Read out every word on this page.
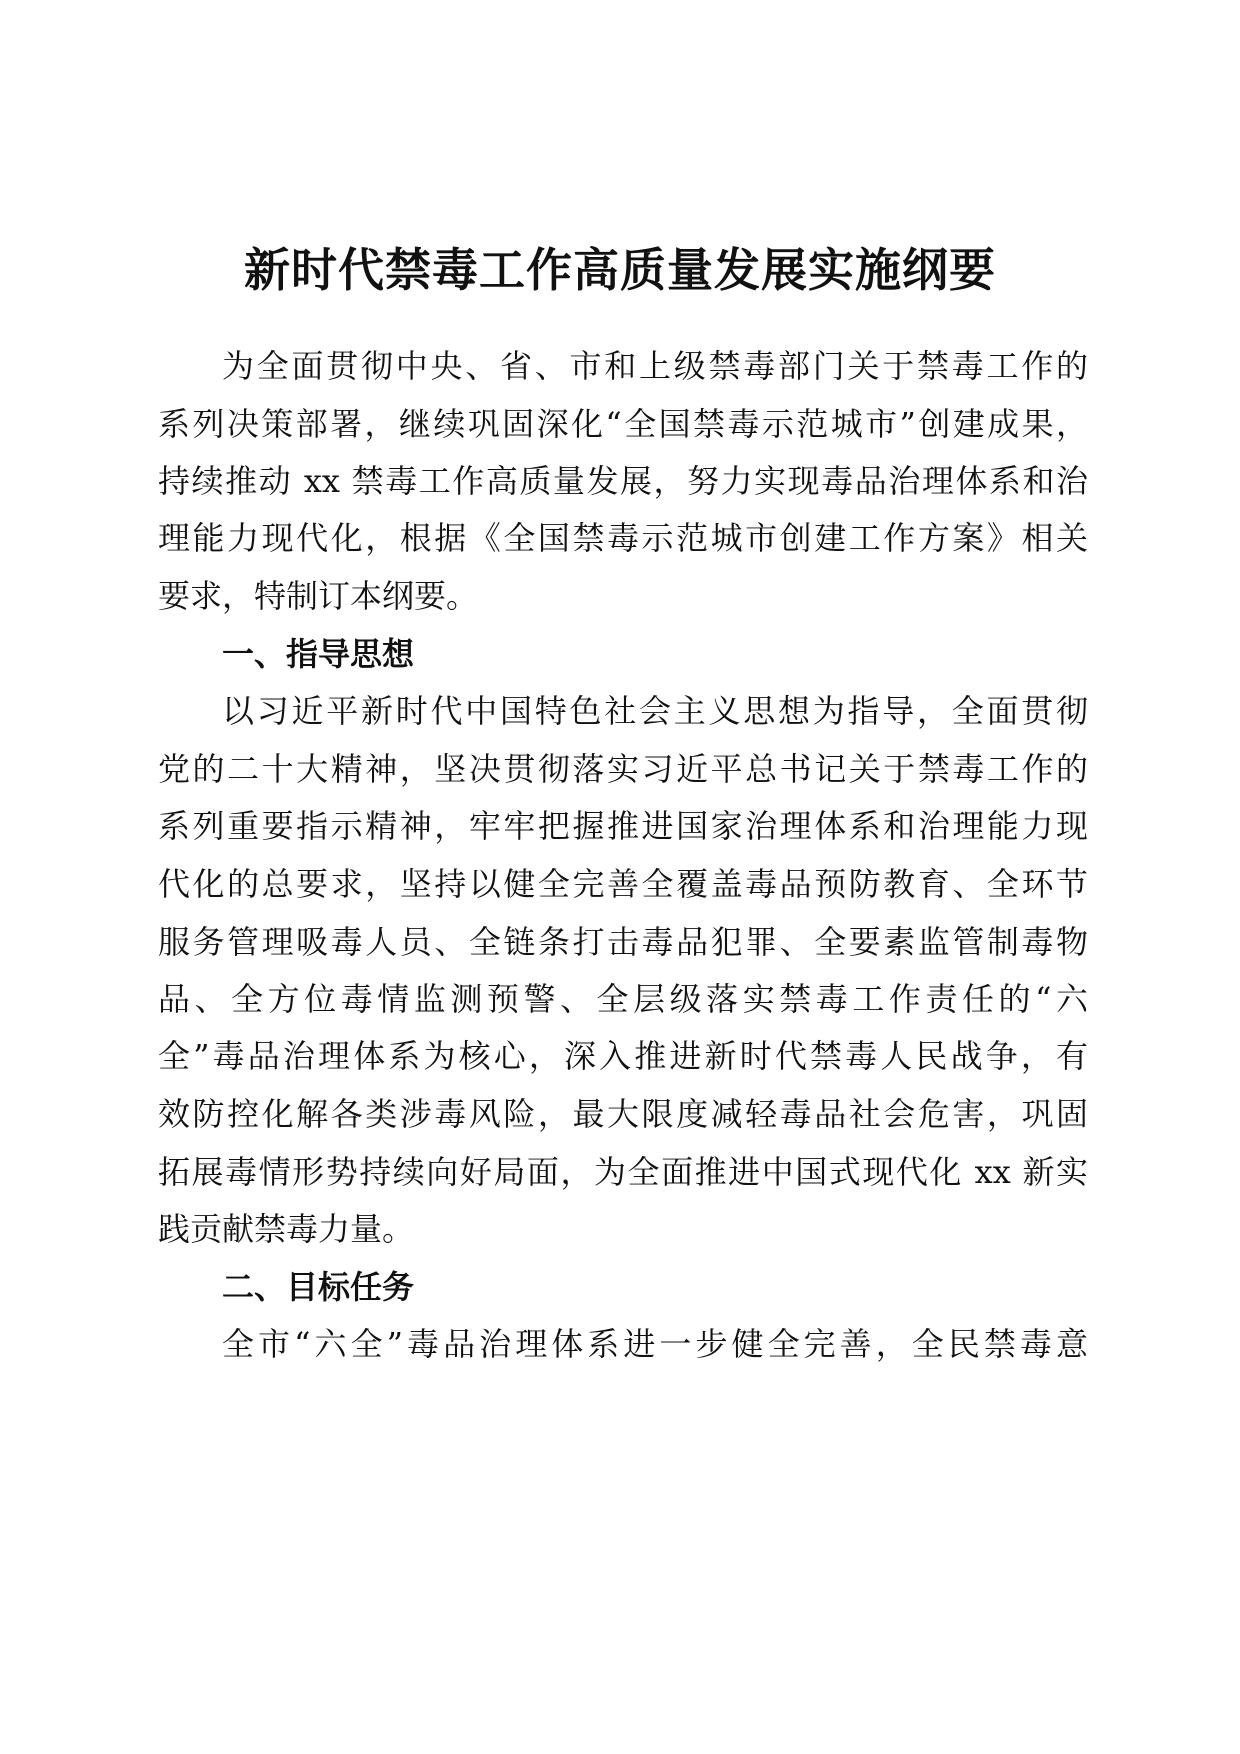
新时代禁毒工作高质量发展实施纲要
为全面贯彻中央、省、市和上级禁毒部门关于禁毒工作的
系列决策部署，继续巩固深化“全国禁毒示范城市”创建成果，
持续推动 xx 禁毒工作高质量发展，努力实现毒品治理体系和治
理能力现代化，根据《全国禁毒示范城市创建工作方案》相关
要求，特制订本纲要。
一、指导思想
以习近平新时代中国特色社会主义思想为指导，全面贯彻
党的二十大精神，坚决贯彻落实习近平总书记关于禁毒工作的
系列重要指示精神，牢牢把握推进国家治理体系和治理能力现
代化的总要求，坚持以健全完善全覆盖毒品预防教育、全环节
服务管理吸毒人员、全链条打击毒品犯罪、全要素监管制毒物
品、全方位毒情监测预警、全层级落实禁毒工作责任的“六
全”毒品治理体系为核心，深入推进新时代禁毒人民战争，有
效防控化解各类涉毒风险，最大限度减轻毒品社会危害，巩固
拓展毒情形势持续向好局面，为全面推进中国式现代化 xx 新实
践贡献禁毒力量。
二、目标任务
全市“六全”毒品治理体系进一步健全完善，全民禁毒意
